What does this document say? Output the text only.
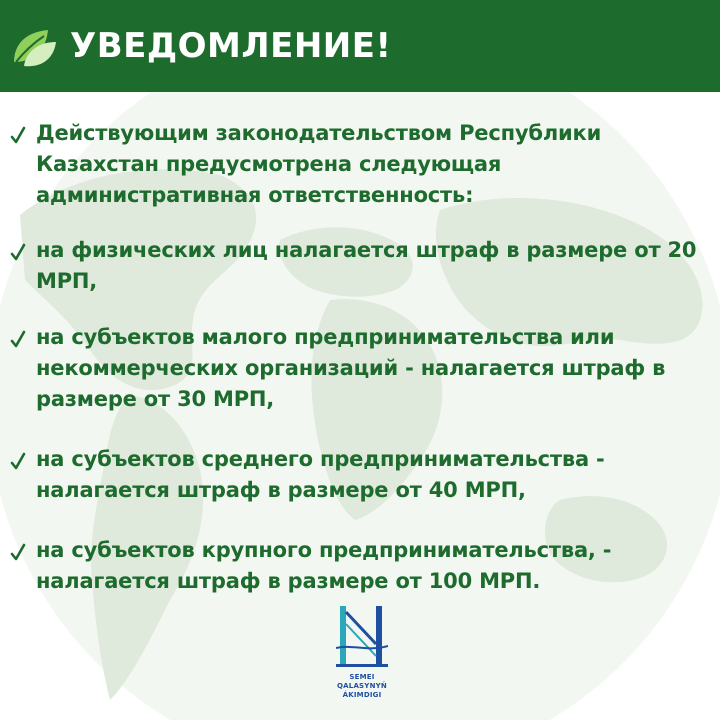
УВЕДОМЛЕНИЕ!
Действующим законодательством Республики Казахстан предусмотрена следующая административная ответственность:
на физических лиц налагается штраф в размере от 20 МРП,
на субъектов малого предпринимательства или некоммерческих организаций - налагается штраф в размере от 30 МРП,
на субъектов среднего предпринимательства - налагается штраф в размере от 40 МРП,
на субъектов крупного предпринимательства, - налагается штраф в размере от 100 МРП.
SEMEI
QALASYNYŃ
ÁKIMDIGI
